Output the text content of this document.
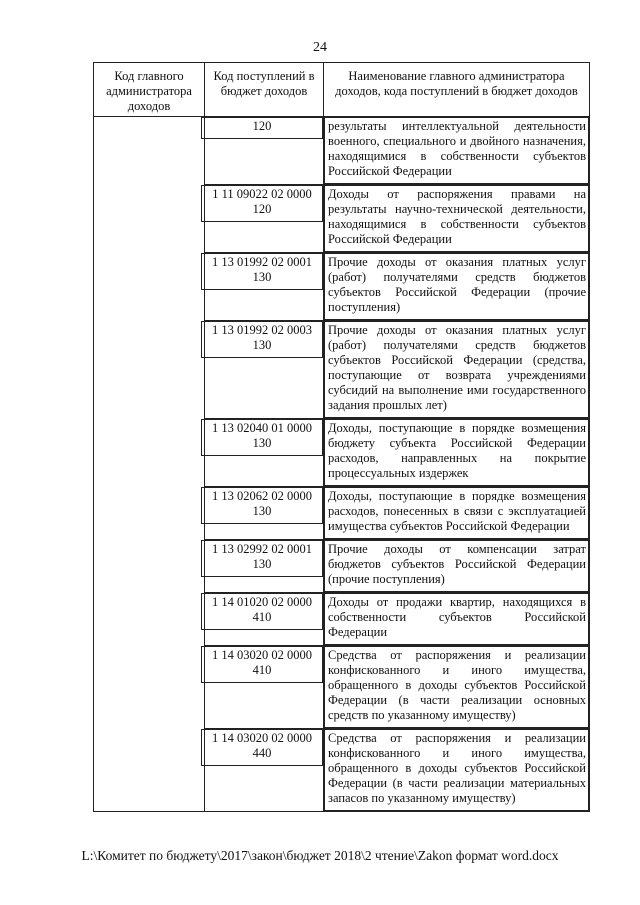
24
Код главного администратора доходов	Код поступлений в бюджет доходов	Наименование главного администратора доходов, кода поступлений в бюджет доходов

	120	результаты интеллектуальной деятельности военного, специального и двойного назначения, находящимися в собственности субъектов Российской Федерации

	1 11 09022 02 0000 120	Доходы от распоряжения правами на результаты научно-технической деятельности, находящимися в собственности субъектов Российской Федерации

	1 13 01992 02 0001 130	Прочие доходы от оказания платных услуг (работ) получателями средств бюджетов субъектов Российской Федерации (прочие поступления)

	1 13 01992 02 0003 130	Прочие доходы от оказания платных услуг (работ) получателями средств бюджетов субъектов Российской Федерации (средства, поступающие от возврата учреждениями субсидий на выполнение ими государственного задания прошлых лет)

	1 13 02040 01 0000 130	Доходы, поступающие в порядке возмещения бюджету субъекта Российской Федерации расходов, направленных на покрытие процессуальных издержек

	1 13 02062 02 0000 130	Доходы, поступающие в порядке возмещения расходов, понесенных в связи с эксплуатацией имущества субъектов Российской Федерации

	1 13 02992 02 0001 130	Прочие доходы от компенсации затрат бюджетов субъектов Российской Федерации (прочие поступления)

	1 14 01020 02 0000 410	Доходы от продажи квартир, находящихся в собственности субъектов Российской Федерации

	1 14 03020 02 0000 410	Средства от распоряжения и реализации конфискованного и иного имущества, обращенного в доходы субъектов Российской Федерации (в части реализации основных средств по указанному имуществу)

	1 14 03020 02 0000 440	Средства от распоряжения и реализации конфискованного и иного имущества, обращенного в доходы субъектов Российской Федерации (в части реализации материальных запасов по указанному имуществу)
L:\Комитет по бюджету\2017\закон\бюджет 2018\2 чтение\Zakon формат word.docx
